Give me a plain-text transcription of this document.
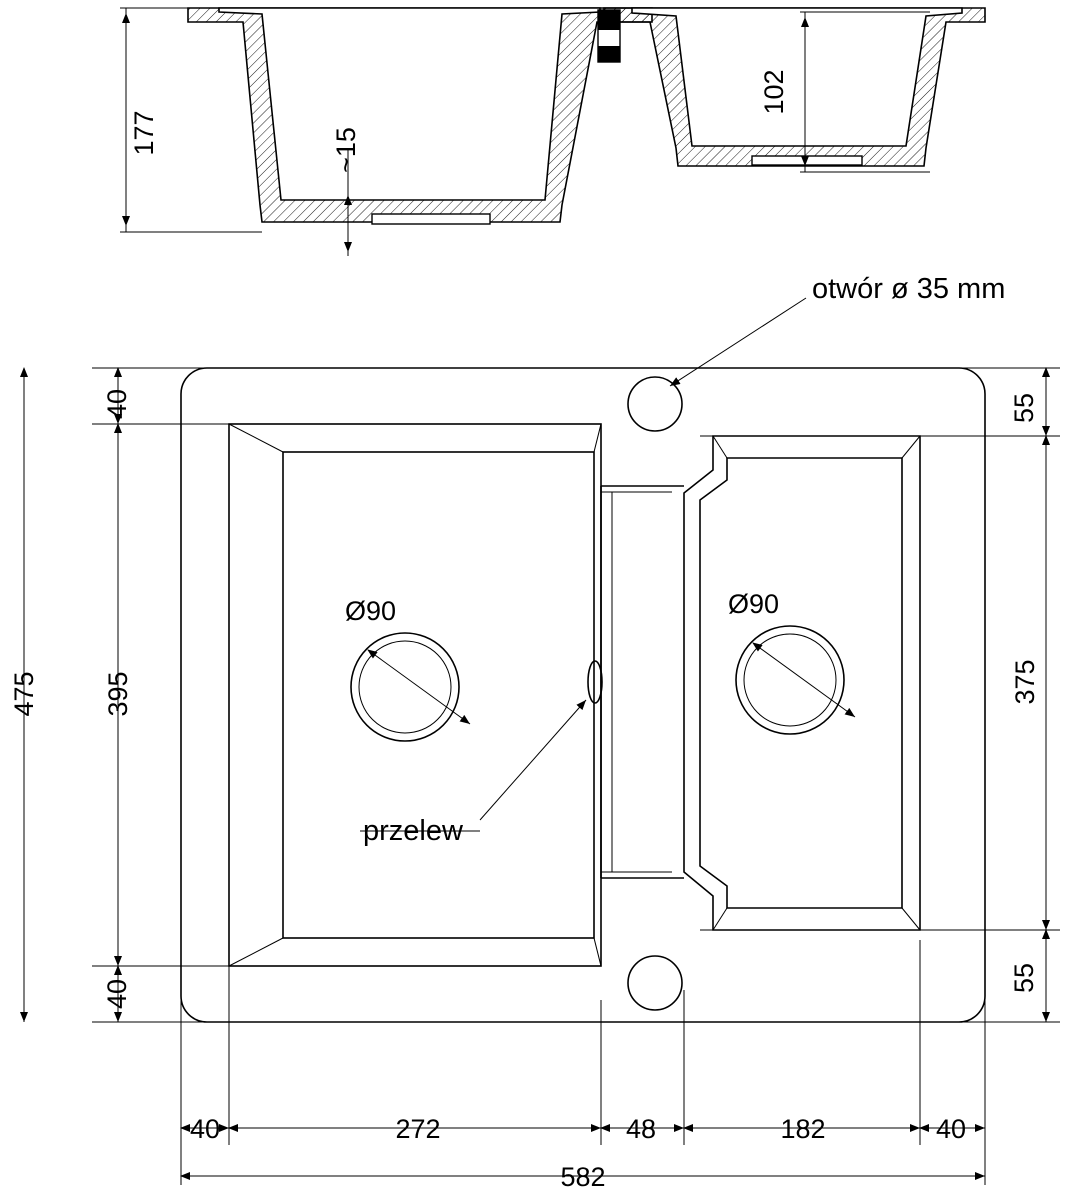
177	~15
102
otwór ø 35 mm
przelew
Ø90	Ø90
40
395
40
475
55
375
55
40	272	48	182	40
582
